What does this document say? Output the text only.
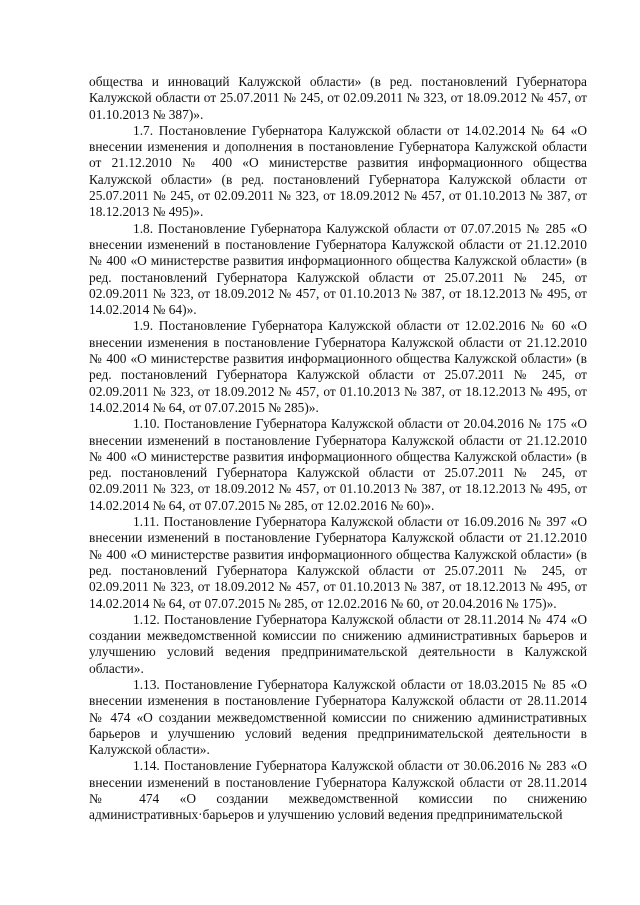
общества и инноваций Калужской области» (в ред. постановлений Губернатора Калужской области от 25.07.2011 № 245, от 02.09.2011 № 323, от 18.09.2012 № 457, от 01.10.2013 № 387)».

1.7. Постановление Губернатора Калужской области от 14.02.2014 № 64 «О внесении изменения и дополнения в постановление Губернатора Калужской области от 21.12.2010 № 400 «О министерстве развития информационного общества Калужской области» (в ред. постановлений Губернатора Калужской области от 25.07.2011 № 245, от 02.09.2011 № 323, от 18.09.2012 № 457, от 01.10.2013 № 387, от 18.12.2013 № 495)».

1.8. Постановление Губернатора Калужской области от 07.07.2015 № 285 «О внесении изменений в постановление Губернатора Калужской области от 21.12.2010 № 400 «О министерстве развития информационного общества Калужской области» (в ред. постановлений Губернатора Калужской области от 25.07.2011 № 245, от 02.09.2011 № 323, от 18.09.2012 № 457, от 01.10.2013 № 387, от 18.12.2013 № 495, от 14.02.2014 № 64)».

1.9. Постановление Губернатора Калужской области от 12.02.2016 № 60 «О внесении изменения в постановление Губернатора Калужской области от 21.12.2010 № 400 «О министерстве развития информационного общества Калужской области» (в ред. постановлений Губернатора Калужской области от 25.07.2011 № 245, от 02.09.2011 № 323, от 18.09.2012 № 457, от 01.10.2013 № 387, от 18.12.2013 № 495, от 14.02.2014 № 64, от 07.07.2015 № 285)».

1.10. Постановление Губернатора Калужской области от 20.04.2016 № 175 «О внесении изменений в постановление Губернатора Калужской области от 21.12.2010 № 400 «О министерстве развития информационного общества Калужской области» (в ред. постановлений Губернатора Калужской области от 25.07.2011 № 245, от 02.09.2011 № 323, от 18.09.2012 № 457, от 01.10.2013 № 387, от 18.12.2013 № 495, от 14.02.2014 № 64, от 07.07.2015 № 285, от 12.02.2016 № 60)».

1.11. Постановление Губернатора Калужской области от 16.09.2016 № 397 «О внесении изменений в постановление Губернатора Калужской области от 21.12.2010 № 400 «О министерстве развития информационного общества Калужской области» (в ред. постановлений Губернатора Калужской области от 25.07.2011 № 245, от 02.09.2011 № 323, от 18.09.2012 № 457, от 01.10.2013 № 387, от 18.12.2013 № 495, от 14.02.2014 № 64, от 07.07.2015 № 285, от 12.02.2016 № 60, от 20.04.2016 № 175)».

1.12. Постановление Губернатора Калужской области от 28.11.2014 № 474 «О создании межведомственной комиссии по снижению административных барьеров и улучшению условий ведения предпринимательской деятельности в Калужской области».

1.13. Постановление Губернатора Калужской области от 18.03.2015 № 85 «О внесении изменения в постановление Губернатора Калужской области от 28.11.2014 № 474 «О создании межведомственной комиссии по снижению административных барьеров и улучшению условий ведения предпринимательской деятельности в Калужской области».

1.14. Постановление Губернатора Калужской области от 30.06.2016 № 283 «О внесении изменений в постановление Губернатора Калужской области от 28.11.2014 № 474 «О создании межведомственной комиссии по снижению административных·барьеров и улучшению условий ведения предпринимательской
